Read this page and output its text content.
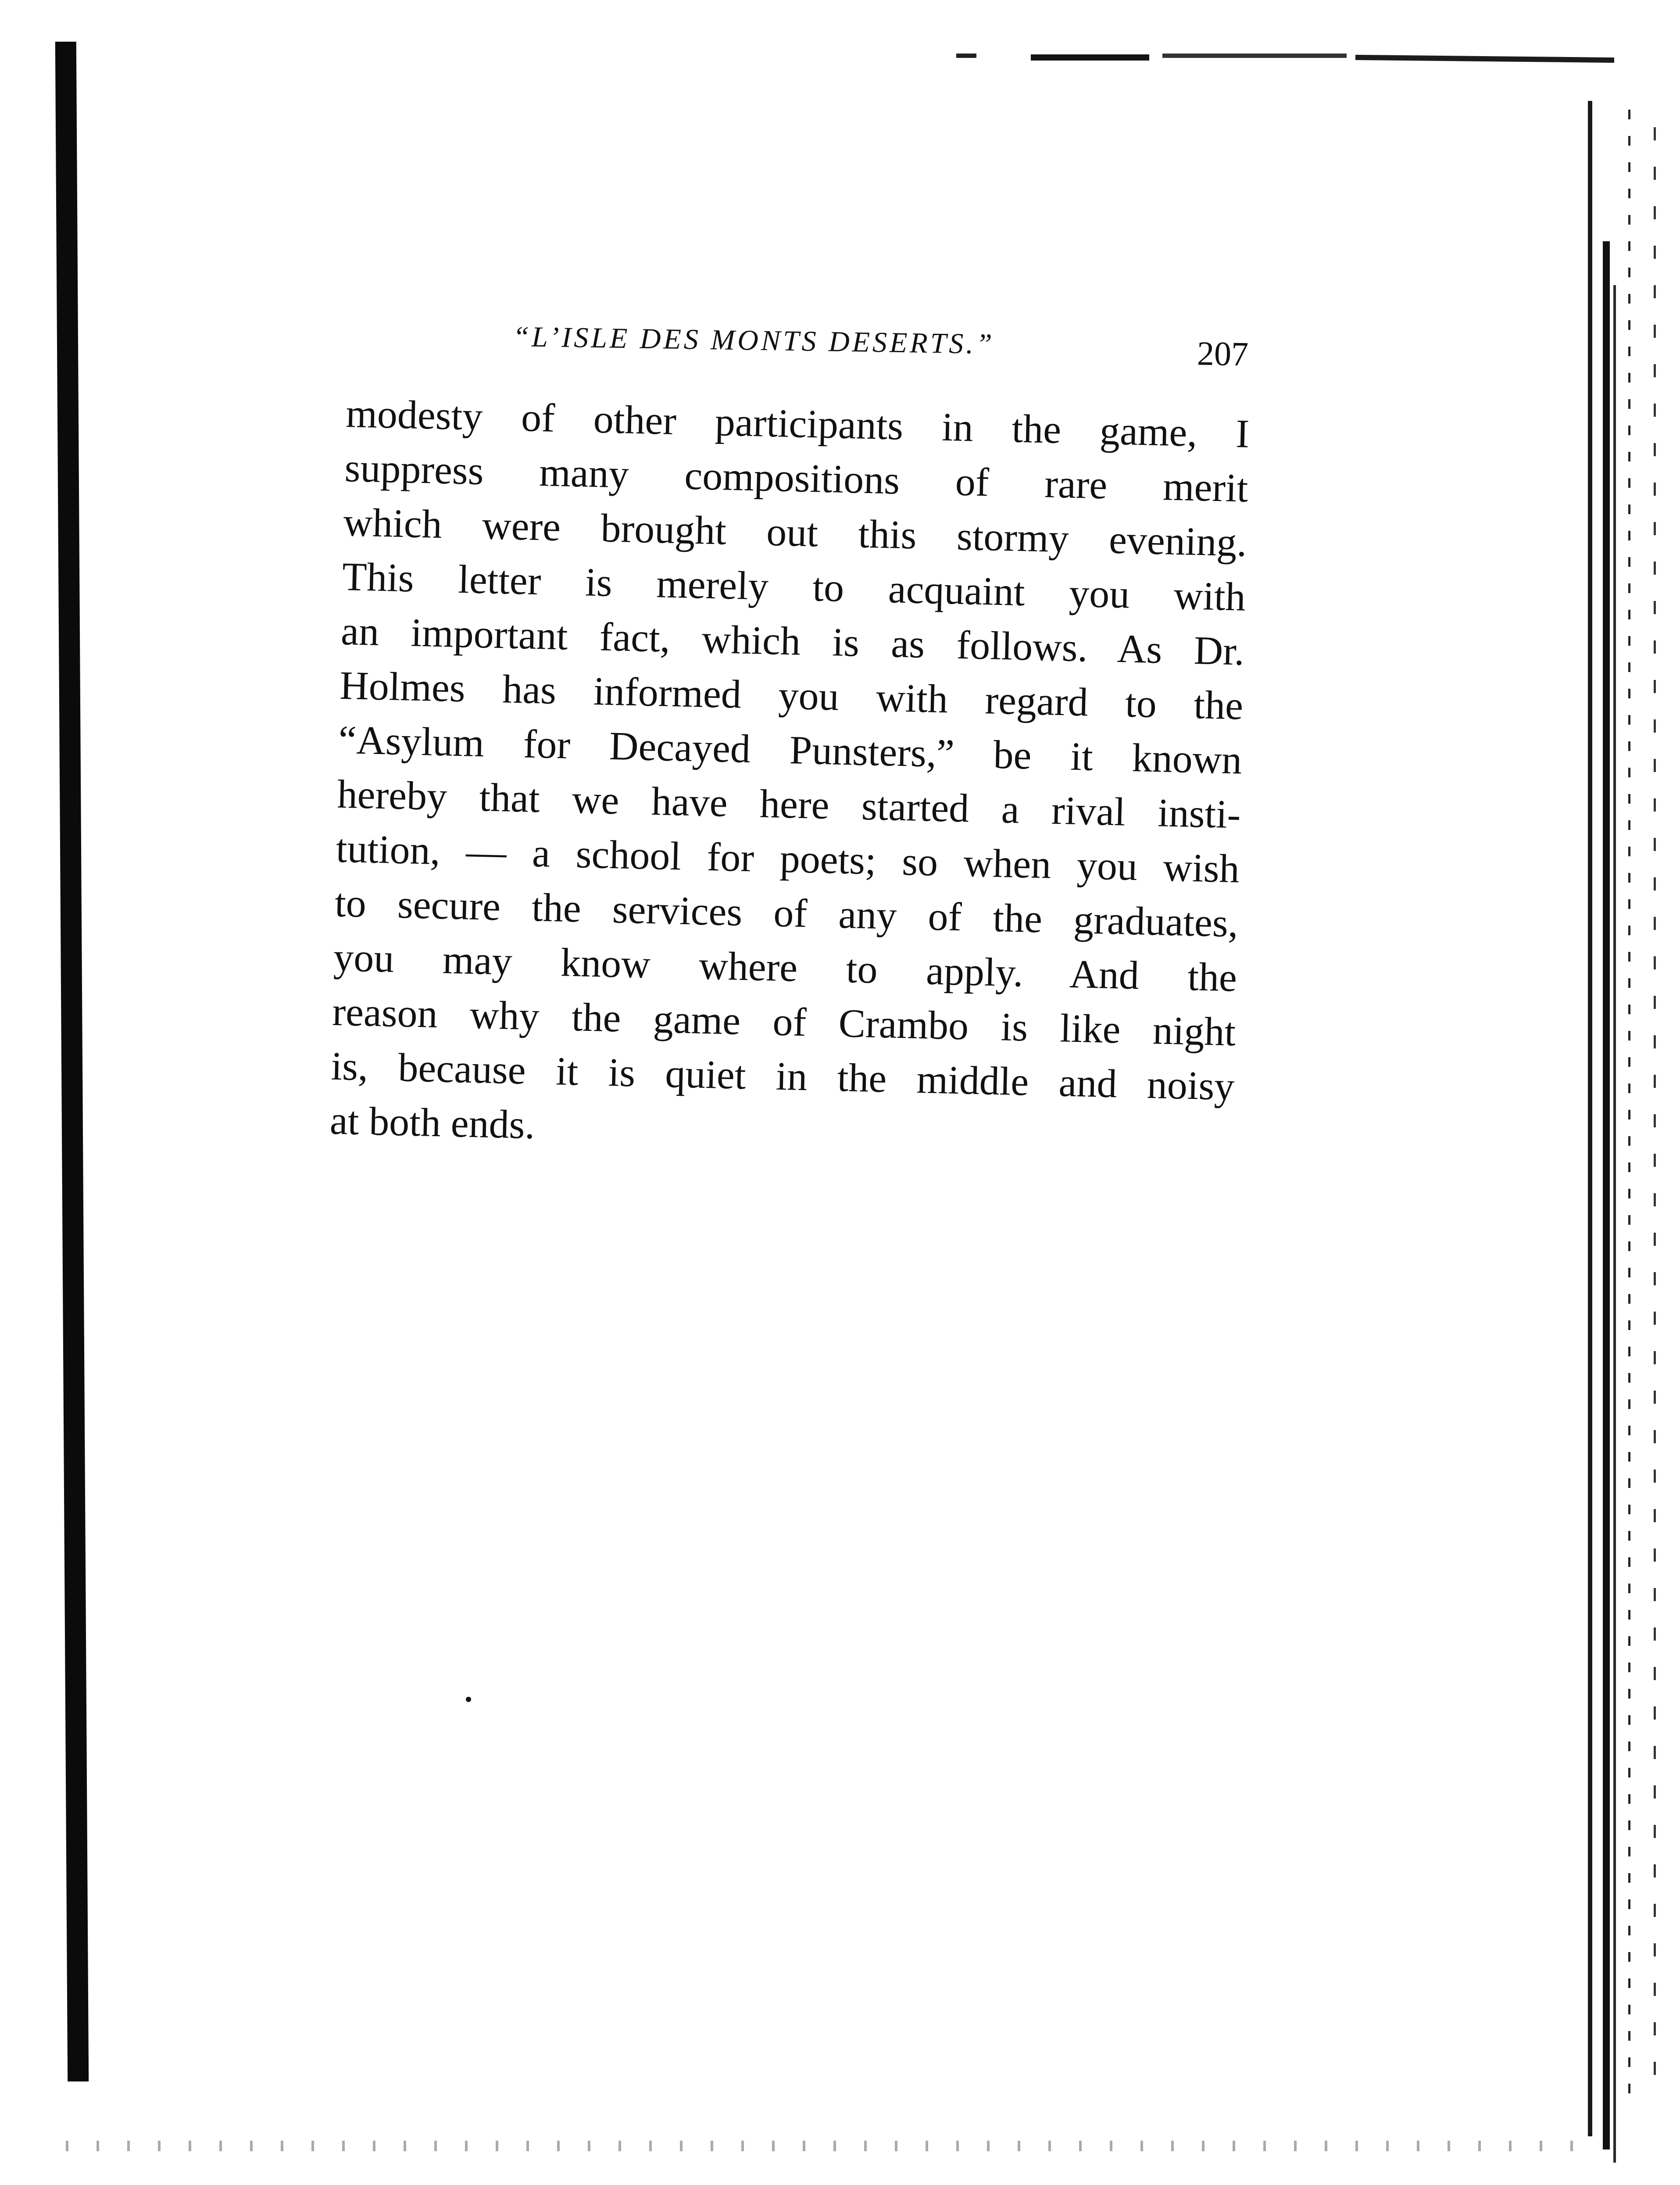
“L’ISLE DES MONTS DESERTS.”	207
modesty of other participants in the game, I
suppress many compositions of rare merit
which were brought out this stormy evening.
This letter is merely to acquaint you with
an important fact, which is as follows. As Dr.
Holmes has informed you with regard to the
“Asylum for Decayed Punsters,” be it known
hereby that we have here started a rival insti-
tution, — a school for poets; so when you wish
to secure the services of any of the graduates,
you may know where to apply. And the
reason why the game of Crambo is like night
is, because it is quiet in the middle and noisy
at both ends.
